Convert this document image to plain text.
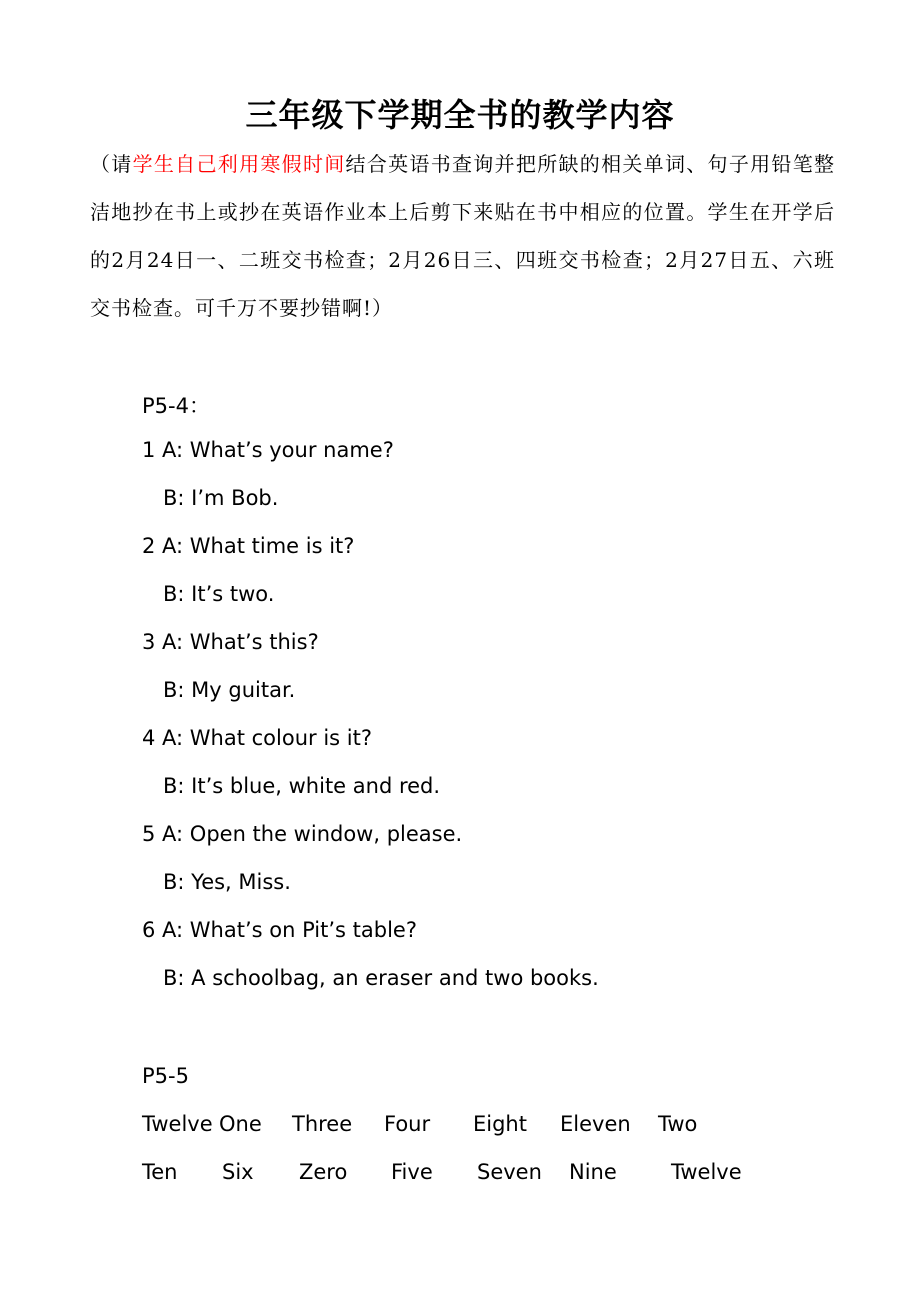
三年级下学期全书的教学内容
（请学生自己利用寒假时间结合英语书查询并把所缺的相关单词、句子用铅笔整洁地抄在书上或抄在英语作业本上后剪下来贴在书中相应的位置。学生在开学后的2月24日一、二班交书检查；2月26日三、四班交书检查；2月27日五、六班交书检查。可千万不要抄错啊!）
P5-4：
1 A: What’s your name?
B: I’m Bob.
2 A: What time is it?
B: It’s two.
3 A: What’s this?
B: My guitar.
4 A: What colour is it?
B: It’s blue, white and red.
5 A: Open the window, please.
B: Yes, Miss.
6 A: What’s on Pit’s table?
B: A schoolbag, an eraser and two books.
P5-5
Twelve One Three Four Eight Eleven Two
Ten Six Zero Five Seven Nine	Twelve
